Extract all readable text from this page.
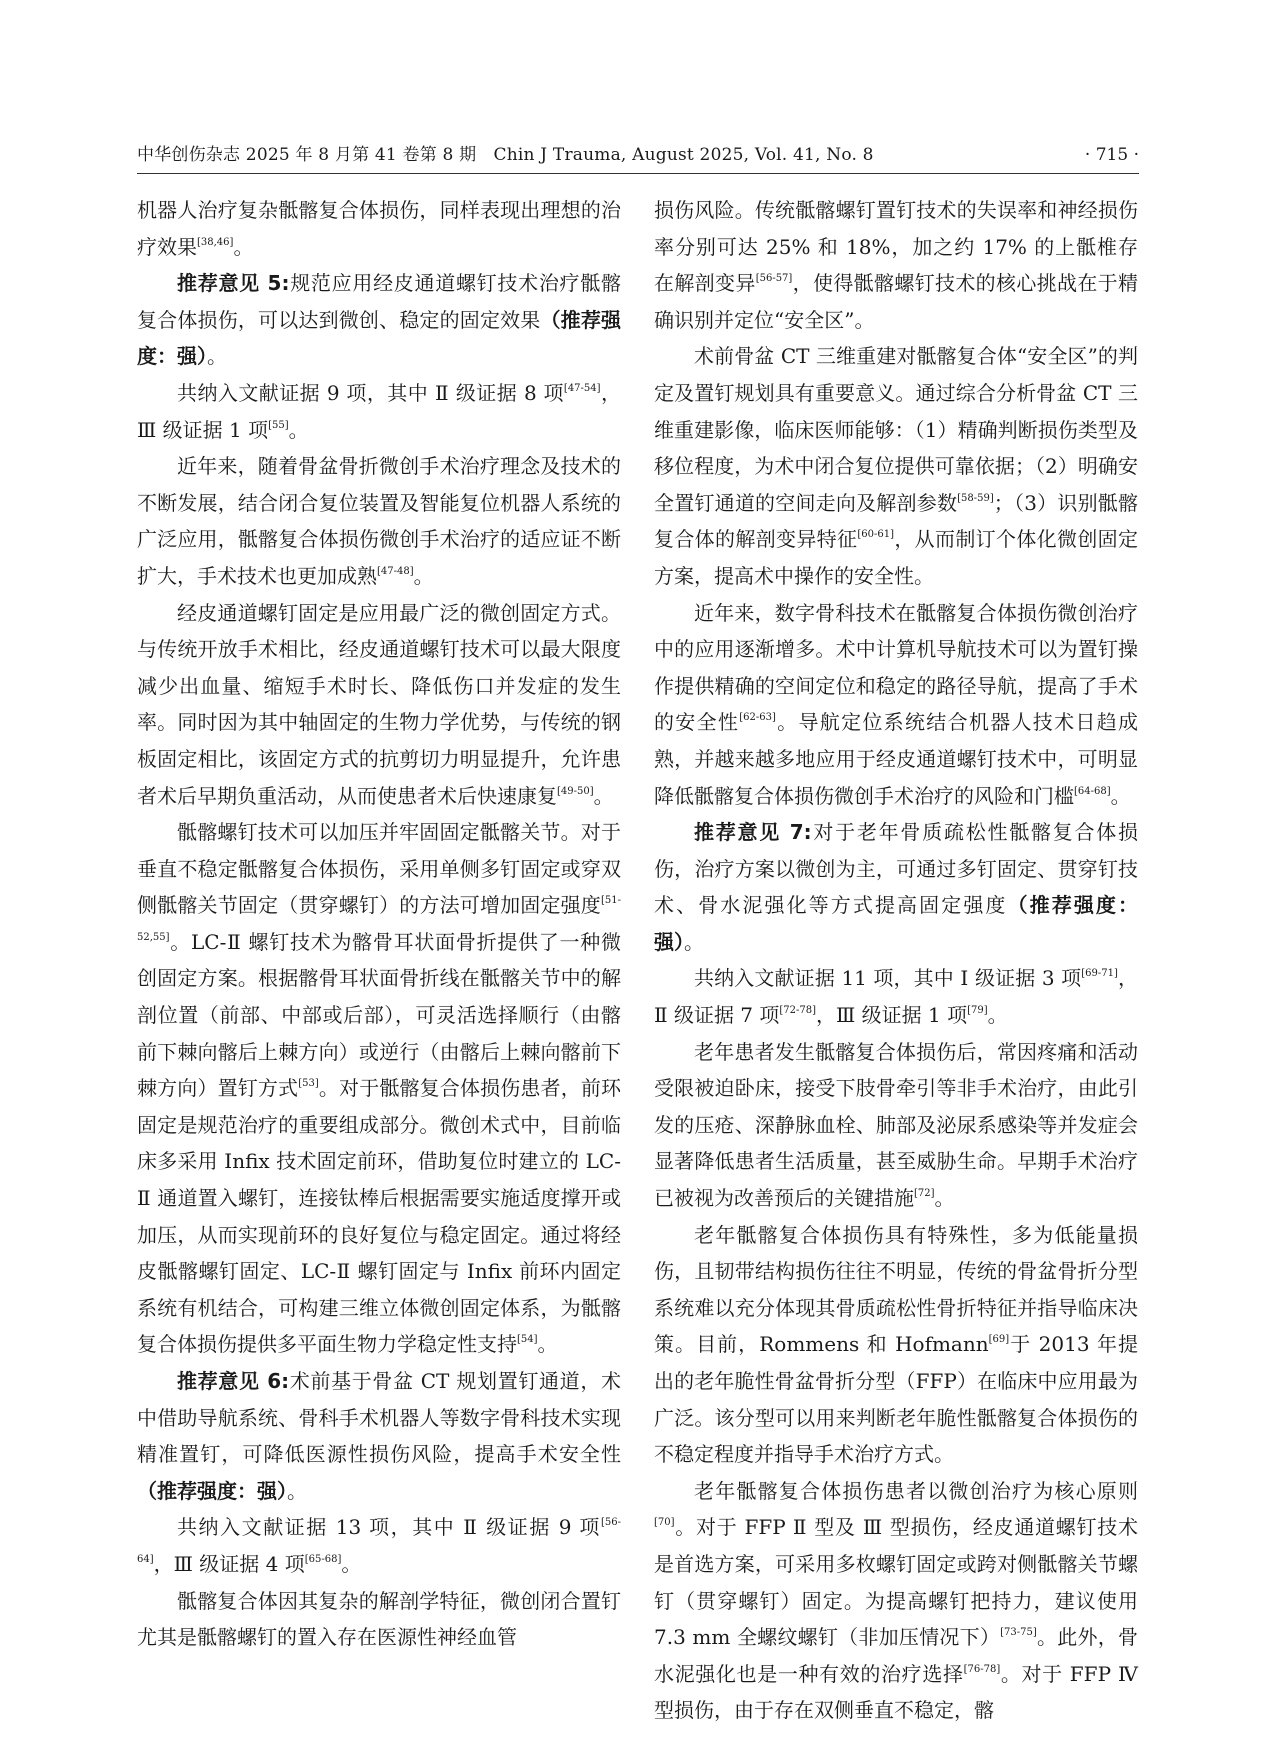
中华创伤杂志 2025 年 8 月第 41 卷第 8 期　Chin J Trauma, August 2025, Vol. 41, No. 8	· 715 ·

机器人治疗复杂骶髂复合体损伤，同样表现出理想的治疗效果[38,46]。

推荐意见 5:规范应用经皮通道螺钉技术治疗骶髂复合体损伤，可以达到微创、稳定的固定效果（推荐强度：强）。

共纳入文献证据 9 项，其中 Ⅱ 级证据 8 项[47-54]，Ⅲ 级证据 1 项[55]。

近年来，随着骨盆骨折微创手术治疗理念及技术的不断发展，结合闭合复位装置及智能复位机器人系统的广泛应用，骶髂复合体损伤微创手术治疗的适应证不断扩大，手术技术也更加成熟[47-48]。

经皮通道螺钉固定是应用最广泛的微创固定方式。与传统开放手术相比，经皮通道螺钉技术可以最大限度减少出血量、缩短手术时长、降低伤口并发症的发生率。同时因为其中轴固定的生物力学优势，与传统的钢板固定相比，该固定方式的抗剪切力明显提升，允许患者术后早期负重活动，从而使患者术后快速康复[49-50]。

骶髂螺钉技术可以加压并牢固固定骶髂关节。对于垂直不稳定骶髂复合体损伤，采用单侧多钉固定或穿双侧骶髂关节固定（贯穿螺钉）的方法可增加固定强度[51-52,55]。LC-Ⅱ 螺钉技术为髂骨耳状面骨折提供了一种微创固定方案。根据髂骨耳状面骨折线在骶髂关节中的解剖位置（前部、中部或后部），可灵活选择顺行（由髂前下棘向髂后上棘方向）或逆行（由髂后上棘向髂前下棘方向）置钉方式[53]。对于骶髂复合体损伤患者，前环固定是规范治疗的重要组成部分。微创术式中，目前临床多采用 Infix 技术固定前环，借助复位时建立的 LC-Ⅱ 通道置入螺钉，连接钛棒后根据需要实施适度撑开或加压，从而实现前环的良好复位与稳定固定。通过将经皮骶髂螺钉固定、LC-Ⅱ 螺钉固定与 Infix 前环内固定系统有机结合，可构建三维立体微创固定体系，为骶髂复合体损伤提供多平面生物力学稳定性支持[54]。

推荐意见 6:术前基于骨盆 CT 规划置钉通道，术中借助导航系统、骨科手术机器人等数字骨科技术实现精准置钉，可降低医源性损伤风险，提高手术安全性（推荐强度：强）。

共纳入文献证据 13 项，其中 Ⅱ 级证据 9 项[56-64]，Ⅲ 级证据 4 项[65-68]。

骶髂复合体因其复杂的解剖学特征，微创闭合置钉尤其是骶髂螺钉的置入存在医源性神经血管

损伤风险。传统骶髂螺钉置钉技术的失误率和神经损伤率分别可达 25% 和 18%，加之约 17% 的上骶椎存在解剖变异[56-57]，使得骶髂螺钉技术的核心挑战在于精确识别并定位“安全区”。

术前骨盆 CT 三维重建对骶髂复合体“安全区”的判定及置钉规划具有重要意义。通过综合分析骨盆 CT 三维重建影像，临床医师能够：（1）精确判断损伤类型及移位程度，为术中闭合复位提供可靠依据；（2）明确安全置钉通道的空间走向及解剖参数[58-59]；（3）识别骶髂复合体的解剖变异特征[60-61]，从而制订个体化微创固定方案，提高术中操作的安全性。

近年来，数字骨科技术在骶髂复合体损伤微创治疗中的应用逐渐增多。术中计算机导航技术可以为置钉操作提供精确的空间定位和稳定的路径导航，提高了手术的安全性[62-63]。导航定位系统结合机器人技术日趋成熟，并越来越多地应用于经皮通道螺钉技术中，可明显降低骶髂复合体损伤微创手术治疗的风险和门槛[64-68]。

推荐意见 7:对于老年骨质疏松性骶髂复合体损伤，治疗方案以微创为主，可通过多钉固定、贯穿钉技术、骨水泥强化等方式提高固定强度（推荐强度：强）。

共纳入文献证据 11 项，其中 Ⅰ 级证据 3 项[69-71]，Ⅱ 级证据 7 项[72-78]，Ⅲ 级证据 1 项[79]。

老年患者发生骶髂复合体损伤后，常因疼痛和活动受限被迫卧床，接受下肢骨牵引等非手术治疗，由此引发的压疮、深静脉血栓、肺部及泌尿系感染等并发症会显著降低患者生活质量，甚至威胁生命。早期手术治疗已被视为改善预后的关键措施[72]。

老年骶髂复合体损伤具有特殊性，多为低能量损伤，且韧带结构损伤往往不明显，传统的骨盆骨折分型系统难以充分体现其骨质疏松性骨折特征并指导临床决策。目前，Rommens 和 Hofmann[69]于 2013 年提出的老年脆性骨盆骨折分型（FFP）在临床中应用最为广泛。该分型可以用来判断老年脆性骶髂复合体损伤的不稳定程度并指导手术治疗方式。

老年骶髂复合体损伤患者以微创治疗为核心原则[70]。对于 FFP Ⅱ 型及 Ⅲ 型损伤，经皮通道螺钉技术是首选方案，可采用多枚螺钉固定或跨对侧骶髂关节螺钉（贯穿螺钉）固定。为提高螺钉把持力，建议使用 7.3 mm 全螺纹螺钉（非加压情况下）[73-75]。此外，骨水泥强化也是一种有效的治疗选择[76-78]。对于 FFP Ⅳ 型损伤，由于存在双侧垂直不稳定，髂
